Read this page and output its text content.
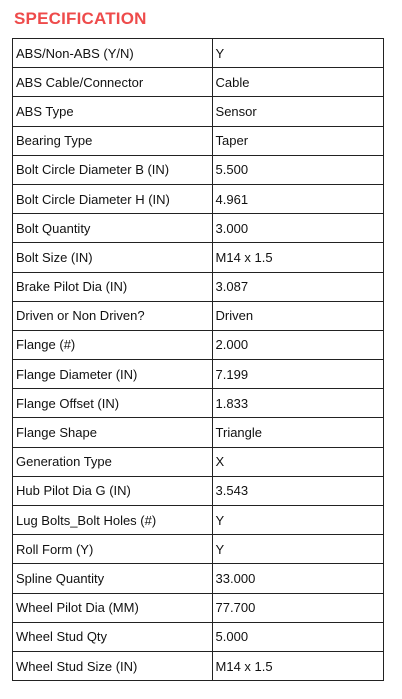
SPECIFICATION
ABS/Non-ABS (Y/N)	Y
ABS Cable/Connector	Cable
ABS Type	Sensor
Bearing Type	Taper
Bolt Circle Diameter B (IN)	5.500
Bolt Circle Diameter H (IN)	4.961
Bolt Quantity	3.000
Bolt Size (IN)	M14 x 1.5
Brake Pilot Dia (IN)	3.087
Driven or Non Driven?	Driven
Flange (#)	2.000
Flange Diameter (IN)	7.199
Flange Offset (IN)	1.833
Flange Shape	Triangle
Generation Type	X
Hub Pilot Dia G (IN)	3.543
Lug Bolts_Bolt Holes (#)	Y
Roll Form (Y)	Y
Spline Quantity	33.000
Wheel Pilot Dia (MM)	77.700
Wheel Stud Qty	5.000
Wheel Stud Size (IN)	M14 x 1.5
